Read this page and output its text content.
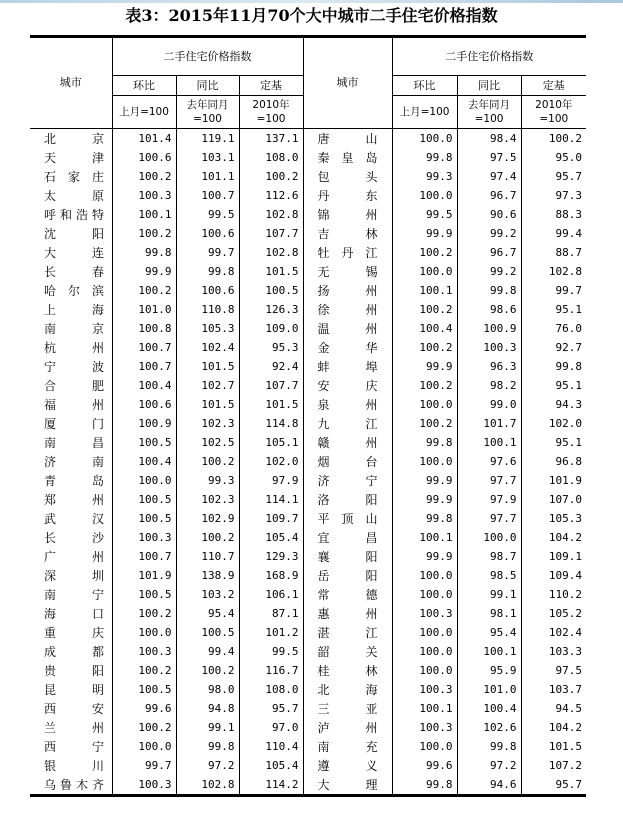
表3：2015年11月70个大中城市二手住宅价格指数
城市	二手住宅价格指数			城市	二手住宅价格指数		
	环比	同比	定基		环比	同比	定基
	上月=100	去年同月=100	2010年=100		上月=100	去年同月=100	2010年=100
北京	101.4	119.1	137.1	唐山	100.0	98.4	100.2
天津	100.6	103.1	108.0	秦皇岛	99.8	97.5	95.0
石家庄	100.2	101.1	100.2	包头	99.3	97.4	95.7
太原	100.3	100.7	112.6	丹东	100.0	96.7	97.3
呼和浩特	100.1	99.5	102.8	锦州	99.5	90.6	88.3
沈阳	100.2	100.6	107.7	吉林	99.9	99.2	99.4
大连	99.8	99.7	102.8	牡丹江	100.2	96.7	88.7
长春	99.9	99.8	101.5	无锡	100.0	99.2	102.8
哈尔滨	100.2	100.6	100.5	扬州	100.1	99.8	99.7
上海	101.0	110.8	126.3	徐州	100.2	98.6	95.1
南京	100.8	105.3	109.0	温州	100.4	100.9	76.0
杭州	100.7	102.4	95.3	金华	100.2	100.3	92.7
宁波	100.7	101.5	92.4	蚌埠	99.9	96.3	99.8
合肥	100.4	102.7	107.7	安庆	100.2	98.2	95.1
福州	100.6	101.5	101.5	泉州	100.0	99.0	94.3
厦门	100.9	102.3	114.8	九江	100.2	101.7	102.0
南昌	100.5	102.5	105.1	赣州	99.8	100.1	95.1
济南	100.4	100.2	102.0	烟台	100.0	97.6	96.8
青岛	100.0	99.3	97.9	济宁	99.9	97.7	101.9
郑州	100.5	102.3	114.1	洛阳	99.9	97.9	107.0
武汉	100.5	102.9	109.7	平顶山	99.8	97.7	105.3
长沙	100.3	100.2	105.4	宜昌	100.1	100.0	104.2
广州	100.7	110.7	129.3	襄阳	99.9	98.7	109.1
深圳	101.9	138.9	168.9	岳阳	100.0	98.5	109.4
南宁	100.5	103.2	106.1	常德	100.0	99.1	110.2
海口	100.2	95.4	87.1	惠州	100.3	98.1	105.2
重庆	100.0	100.5	101.2	湛江	100.0	95.4	102.4
成都	100.3	99.4	99.5	韶关	100.0	100.1	103.3
贵阳	100.2	100.2	116.7	桂林	100.0	95.9	97.5
昆明	100.5	98.0	108.0	北海	100.3	101.0	103.7
西安	99.6	94.8	95.7	三亚	100.1	100.4	94.5
兰州	100.2	99.1	97.0	泸州	100.3	102.6	104.2
西宁	100.0	99.8	110.4	南充	100.0	99.8	101.5
银川	99.7	97.2	105.4	遵义	99.6	97.2	107.2
乌鲁木齐	100.3	102.8	114.2	大理	99.8	94.6	95.7
